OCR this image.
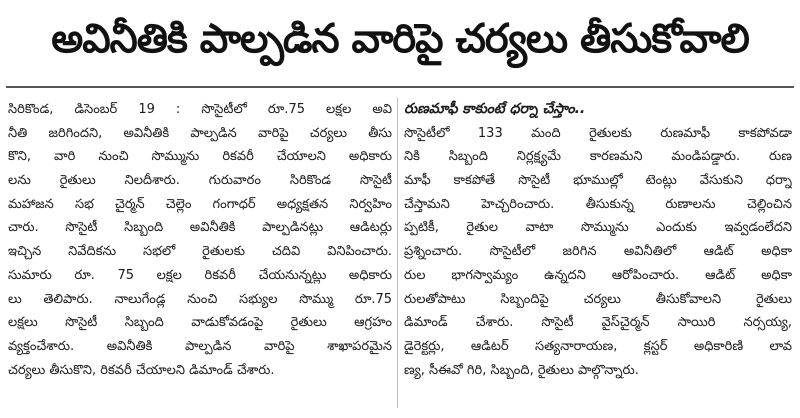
అవినీతికి పాల్పడిన వారిపై చర్యలు తీసుకోవాలి
సిరికొండ, డిసెంబర్ 19 : సొసైటీలో రూ.75 లక్షల అవి
నీతి జరిగిందని, అవినీతికి పాల్పడిన వారిపై చర్యలు తీసు
కొని, వారి నుంచి సొమ్మును రికవరీ చేయాలని అధికారు
లను రైతులు నిలదీశారు. గురువారం సిరికొండ సొసైటీ
మహాజన సభ చైర్మన్ చెల్లెం గంగాధర్ అధ్యక్షతన నిర్వహిం
చారు. సొసైటీ సిబ్బంది అవినీతికి పాల్పడినట్లు ఆడిటర్లు
ఇచ్చిన నివేదికను సభలో రైతులకు చదివి వినిపించారు.
సుమారు రూ. 75 లక్షల రికవరీ చేయనున్నట్లు అధికారు
లు తెలిపారు. నాలుగేండ్ల నుంచి సభ్యుల సొమ్ము రూ.75
లక్షలు సొసైటీ సిబ్బంది వాడుకోవడంపై రైతులు ఆగ్రహం
వ్యక్తంచేశారు. అవినీతికి పాల్పడిన వారిపై శాఖాపరమైన
చర్యలు తీసుకొని, రికవరీ చేయాలని డిమాండ్ చేశారు.
రుణమాఫీ కాకుంటే ధర్నా చేస్తాం..
సొసైటీలో 133 మంది రైతులకు రుణమాఫీ కాకపోవడా
నికి సిబ్బంది నిర్లక్ష్యమే కారణమని మండిపడ్డారు. రుణ
మాఫీ కాకపోతే సొసైటీ భూముల్లో టెంట్లు వేసుకుని ధర్నా
చేస్తామని హెచ్చరించారు. తీసుకున్న రుణాలను చెల్లించిన
ప్పటికీ, రైతుల వాటా సొమ్మును ఎందుకు ఇవ్వడంలేదని
ప్రశ్నించారు. సొసైటీలో జరిగిన అవినీతిలో ఆడిట్ అధికా
రుల భాగస్వామ్యం ఉన్నదని ఆరోపించారు. ఆడిట్ అధికా
రులతోపాటు సిబ్బందిపై చర్యలు తీసుకోవాలని రైతులు
డిమాండ్ చేశారు. సొసైటీ వైస్‌చైర్మన్ సాయిరి నర్సయ్య,
డైరెక్టర్లు, ఆడిటర్ సత్యనారాయణ, క్లస్టర్ అధికారిణి లావ
ణ్య, సీఈవో గిరి, సిబ్బంది, రైతులు పాల్గొన్నారు.
